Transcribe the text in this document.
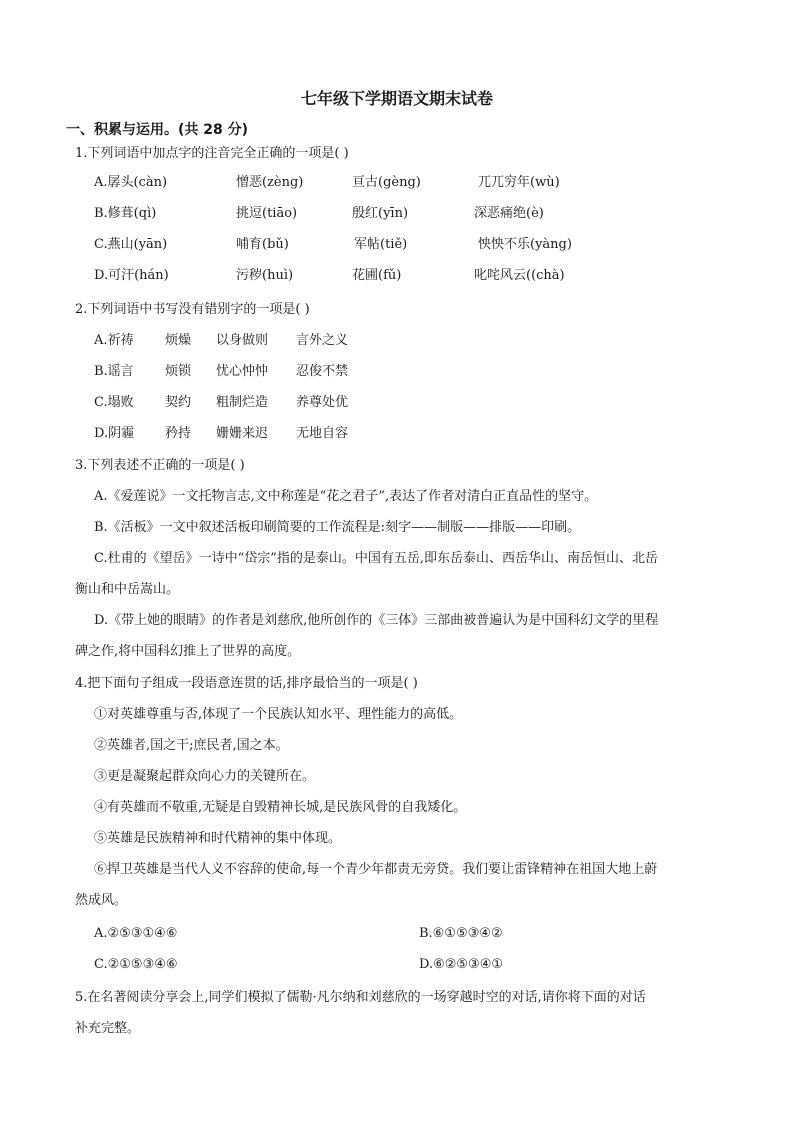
七年级下学期语文期末试卷
一、积累与运用。(共 28 分)
1.下列词语中加点字的注音完全正确的一项是( )
A.孱头(càn)	憎恶(zèng)	亘古(gèng)	兀兀穷年(wù)
B.修葺(qì)	挑逗(tiāo)	殷红(yīn)	深恶痛绝(è)
C.燕山(yān)	哺育(bǔ)	军帖(tiě)	怏怏不乐(yàng)
D.可汗(hán)	污秽(huì)	花圃(fǔ)	叱咤风云((chà)
2.下列词语中书写没有错别字的一项是( )
A.祈祷 烦燥 以身做则 言外之义
B.谣言 烦锁 忧心忡忡 忍俊不禁
C.塌败 契约 粗制烂造 养尊处优
D.阴霾 矜持 姗姗来迟 无地自容
3.下列表述不正确的一项是( )
A.《爱莲说》一文托物言志,文中称莲是“花之君子”,表达了作者对清白正直品性的坚守。
B.《活板》一文中叙述活板印刷简要的工作流程是:刻字——制版——排版——印刷。
C.杜甫的《望岳》一诗中“岱宗”指的是泰山。中国有五岳,即东岳泰山、西岳华山、南岳恒山、北岳
衡山和中岳嵩山。
D.《带上她的眼睛》的作者是刘慈欣,他所创作的《三体》三部曲被普遍认为是中国科幻文学的里程
碑之作,将中国科幻推上了世界的高度。
4.把下面句子组成一段语意连贯的话,排序最恰当的一项是( )
①对英雄尊重与否,体现了一个民族认知水平、理性能力的高低。
②英雄者,国之干;庶民者,国之本。
③更是凝聚起群众向心力的关键所在。
④有英雄而不敬重,无疑是自毁精神长城,是民族风骨的自我矮化。
⑤英雄是民族精神和时代精神的集中体现。
⑥捍卫英雄是当代人义不容辞的使命,每一个青少年都责无旁贷。我们要让雷锋精神在祖国大地上蔚
然成风。
A.②⑤③①④⑥	B.⑥①⑤③④②
C.②①⑤③④⑥	D.⑥②⑤③④①
5.在名著阅读分享会上,同学们模拟了儒勒·凡尔纳和刘慈欣的一场穿越时空的对话,请你将下面的对话
补充完整。
